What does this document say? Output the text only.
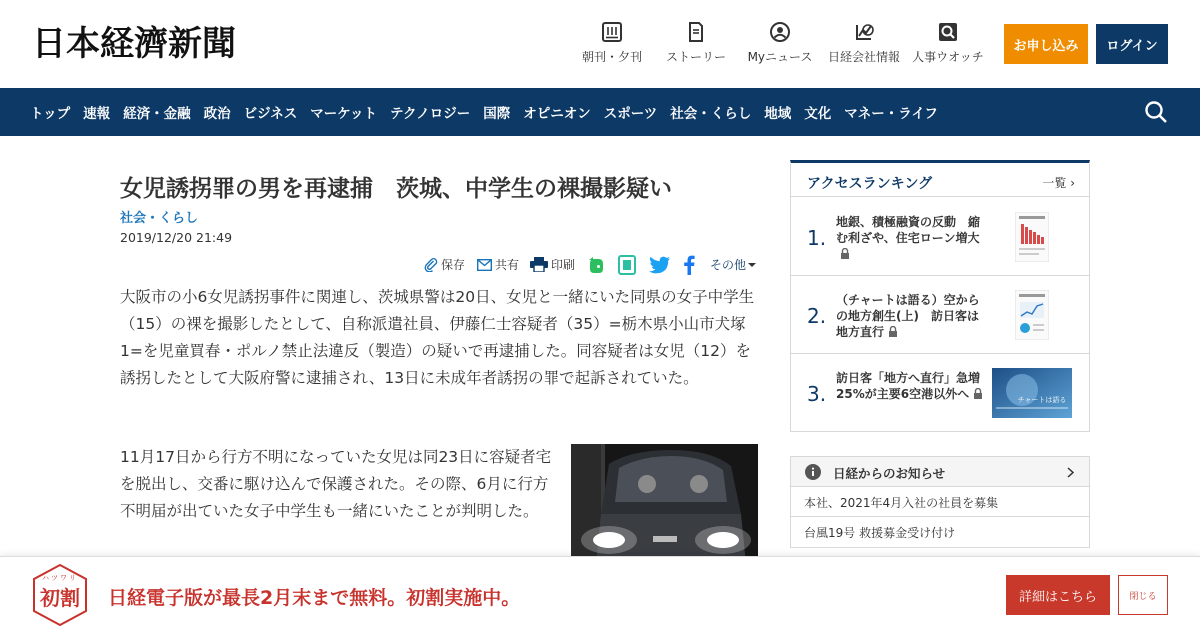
日本経濟新聞	朝刊・夕刊	ストーリー	Myニュース	日経会社情報	人事ウオッチ
お申し込み	ログイン
トップ 速報 経済・金融 政治 ビジネス マーケット テクノロジー 国際 オピニオン スポーツ 社会・くらし 地域 文化 マネー・ライフ
女児誘拐罪の男を再逮捕　茨城、中学生の裸撮影疑い
社会・くらし
2019/12/20 21:49
保存 共有	印刷	その他

大阪市の小6女児誘拐事件に関連し、茨城県警は20日、女児と一緒にいた同県の女子中学生（15）の裸を撮影したとして、自称派遣社員、伊藤仁士容疑者（35）=栃木県小山市犬塚1=を児童買春・ポルノ禁止法違反（製造）の疑いで再逮捕した。同容疑者は女児（12）を誘拐したとして大阪府警に逮捕され、13日に未成年者誘拐の罪で起訴されていた。

11月17日から行方不明になっていた女児は同23日に容疑者宅を脱出し、交番に駆け込んで保護された。その際、6月に行方不明届が出ていた女子中学生も一緒にいたことが判明した。

アクセスランキング	一覧 ›
1.
地銀、積極融資の反動　縮む利ざや、住宅ローン増大
2.
（チャートは語る）空からの地方創生(上)　訪日客は地方直行
3.
訪日客「地方へ直行」急増　25%が主要6空港以外へ	チャートは語る
日経からのお知らせ
本社、2021年4月入社の社員を募集
台風19号 救援募金受け付け
ハツワリ
初割 日経電子版が最長2月末まで無料。初割実施中。	詳細はこちら	閉じる
